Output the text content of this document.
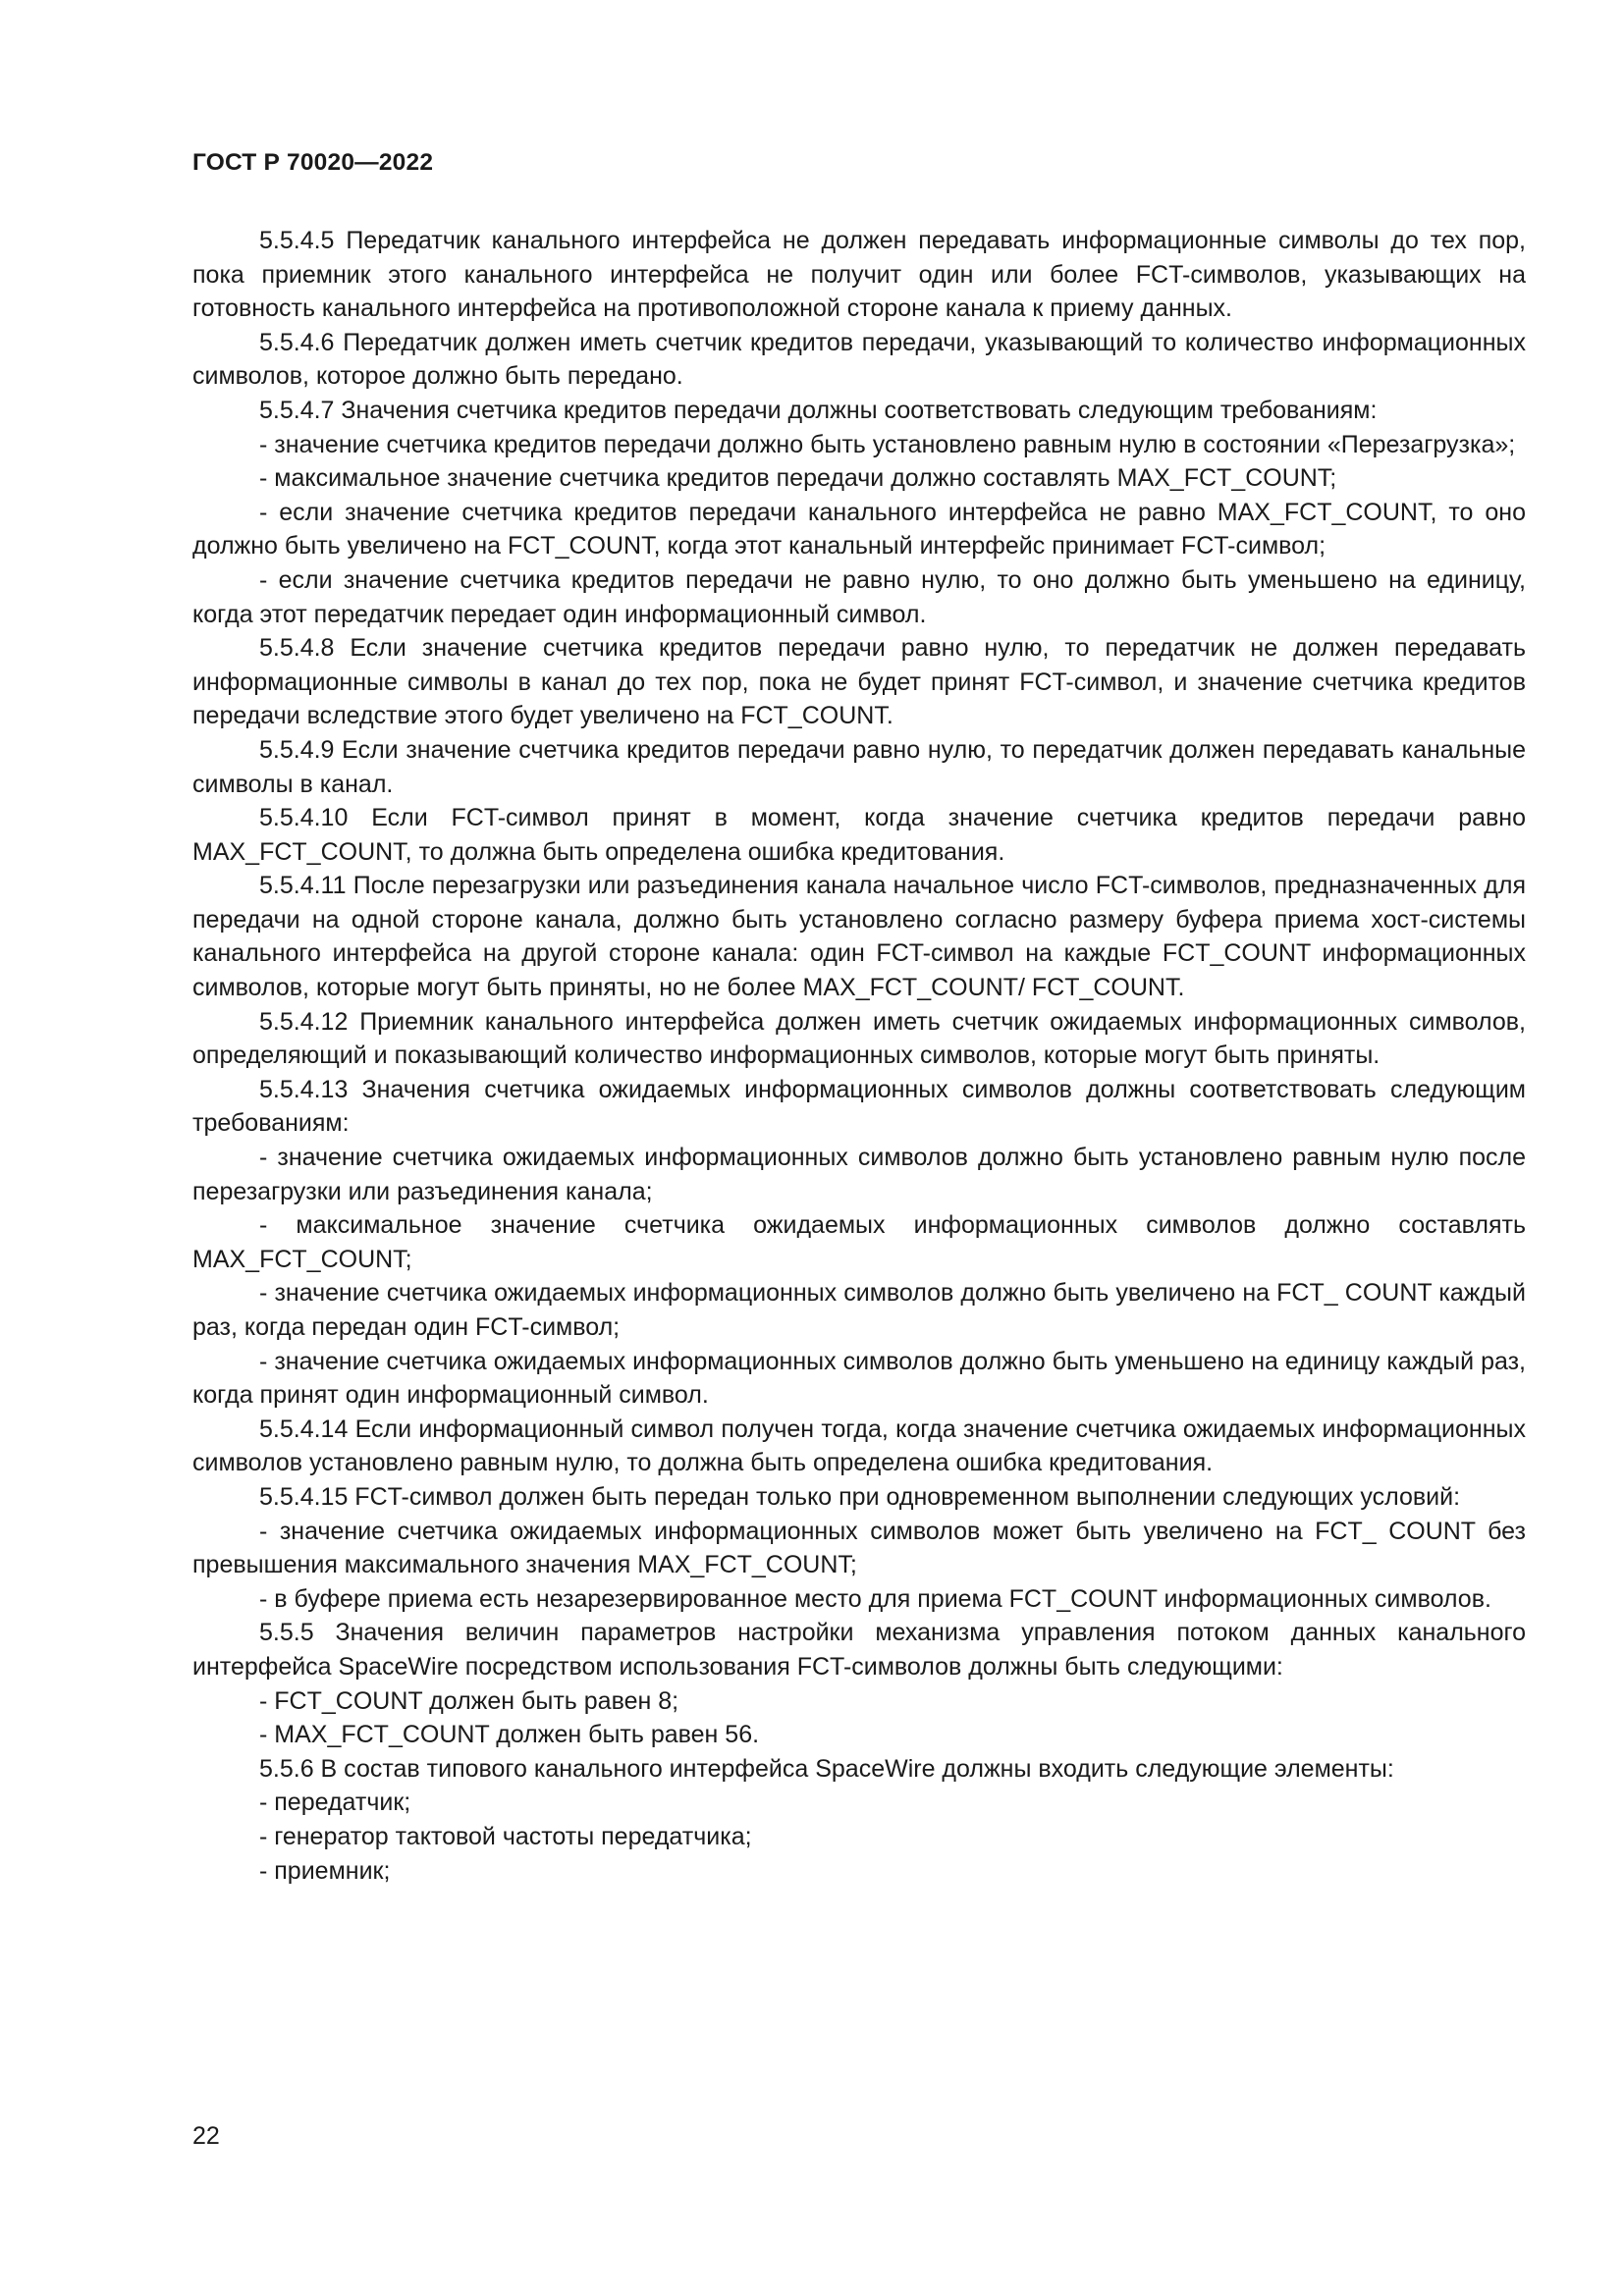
ГОСТ Р 70020—2022

5.5.4.5 Передатчик канального интерфейса не должен передавать информационные символы до тех пор, пока приемник этого канального интерфейса не получит один или более FCT-символов, указывающих на готовность канального интерфейса на противоположной стороне канала к приему данных.

5.5.4.6 Передатчик должен иметь счетчик кредитов передачи, указывающий то количество информационных символов, которое должно быть передано.

5.5.4.7 Значения счетчика кредитов передачи должны соответствовать следующим требованиям:

- значение счетчика кредитов передачи должно быть установлено равным нулю в состоянии «Перезагрузка»;

- максимальное значение счетчика кредитов передачи должно составлять MAX_FCT_COUNT;

- если значение счетчика кредитов передачи канального интерфейса не равно MAX_FCT_COUNT, то оно должно быть увеличено на FCT_COUNT, когда этот канальный интерфейс принимает FCT-символ;

- если значение счетчика кредитов передачи не равно нулю, то оно должно быть уменьшено на единицу, когда этот передатчик передает один информационный символ.

5.5.4.8 Если значение счетчика кредитов передачи равно нулю, то передатчик не должен передавать информационные символы в канал до тех пор, пока не будет принят FCT-символ, и значение счетчика кредитов передачи вследствие этого будет увеличено на FCT_COUNT.

5.5.4.9 Если значение счетчика кредитов передачи равно нулю, то передатчик должен передавать канальные символы в канал.

5.5.4.10 Если FCT-символ принят в момент, когда значение счетчика кредитов передачи равно MAX_FCT_COUNT, то должна быть определена ошибка кредитования.

5.5.4.11 После перезагрузки или разъединения канала начальное число FCT-символов, предназначенных для передачи на одной стороне канала, должно быть установлено согласно размеру буфера приема хост-системы канального интерфейса на другой стороне канала: один FCT-символ на каждые FCT_COUNT информационных символов, которые могут быть приняты, но не более MAX_FCT_COUNT/ FCT_COUNT.

5.5.4.12 Приемник канального интерфейса должен иметь счетчик ожидаемых информационных символов, определяющий и показывающий количество информационных символов, которые могут быть приняты.

5.5.4.13 Значения счетчика ожидаемых информационных символов должны соответствовать следующим требованиям:

- значение счетчика ожидаемых информационных символов должно быть установлено равным нулю после перезагрузки или разъединения канала;

- максимальное значение счетчика ожидаемых информационных символов должно составлять MAX_FCT_COUNT;

- значение счетчика ожидаемых информационных символов должно быть увеличено на FCT_ COUNT каждый раз, когда передан один FCT-символ;

- значение счетчика ожидаемых информационных символов должно быть уменьшено на единицу каждый раз, когда принят один информационный символ.

5.5.4.14 Если информационный символ получен тогда, когда значение счетчика ожидаемых информационных символов установлено равным нулю, то должна быть определена ошибка кредитования.

5.5.4.15 FCT-символ должен быть передан только при одновременном выполнении следующих условий:

- значение счетчика ожидаемых информационных символов может быть увеличено на FCT_ COUNT без превышения максимального значения MAX_FCT_COUNT;

- в буфере приема есть незарезервированное место для приема FCT_COUNT информационных символов.

5.5.5 Значения величин параметров настройки механизма управления потоком данных канального интерфейса SpaceWire посредством использования FCT-символов должны быть следующими:

- FCT_COUNT должен быть равен 8;

- MAX_FCT_COUNT должен быть равен 56.

5.5.6 В состав типового канального интерфейса SpaceWire должны входить следующие элементы:

- передатчик;

- генератор тактовой частоты передатчика;

- приемник;

22
